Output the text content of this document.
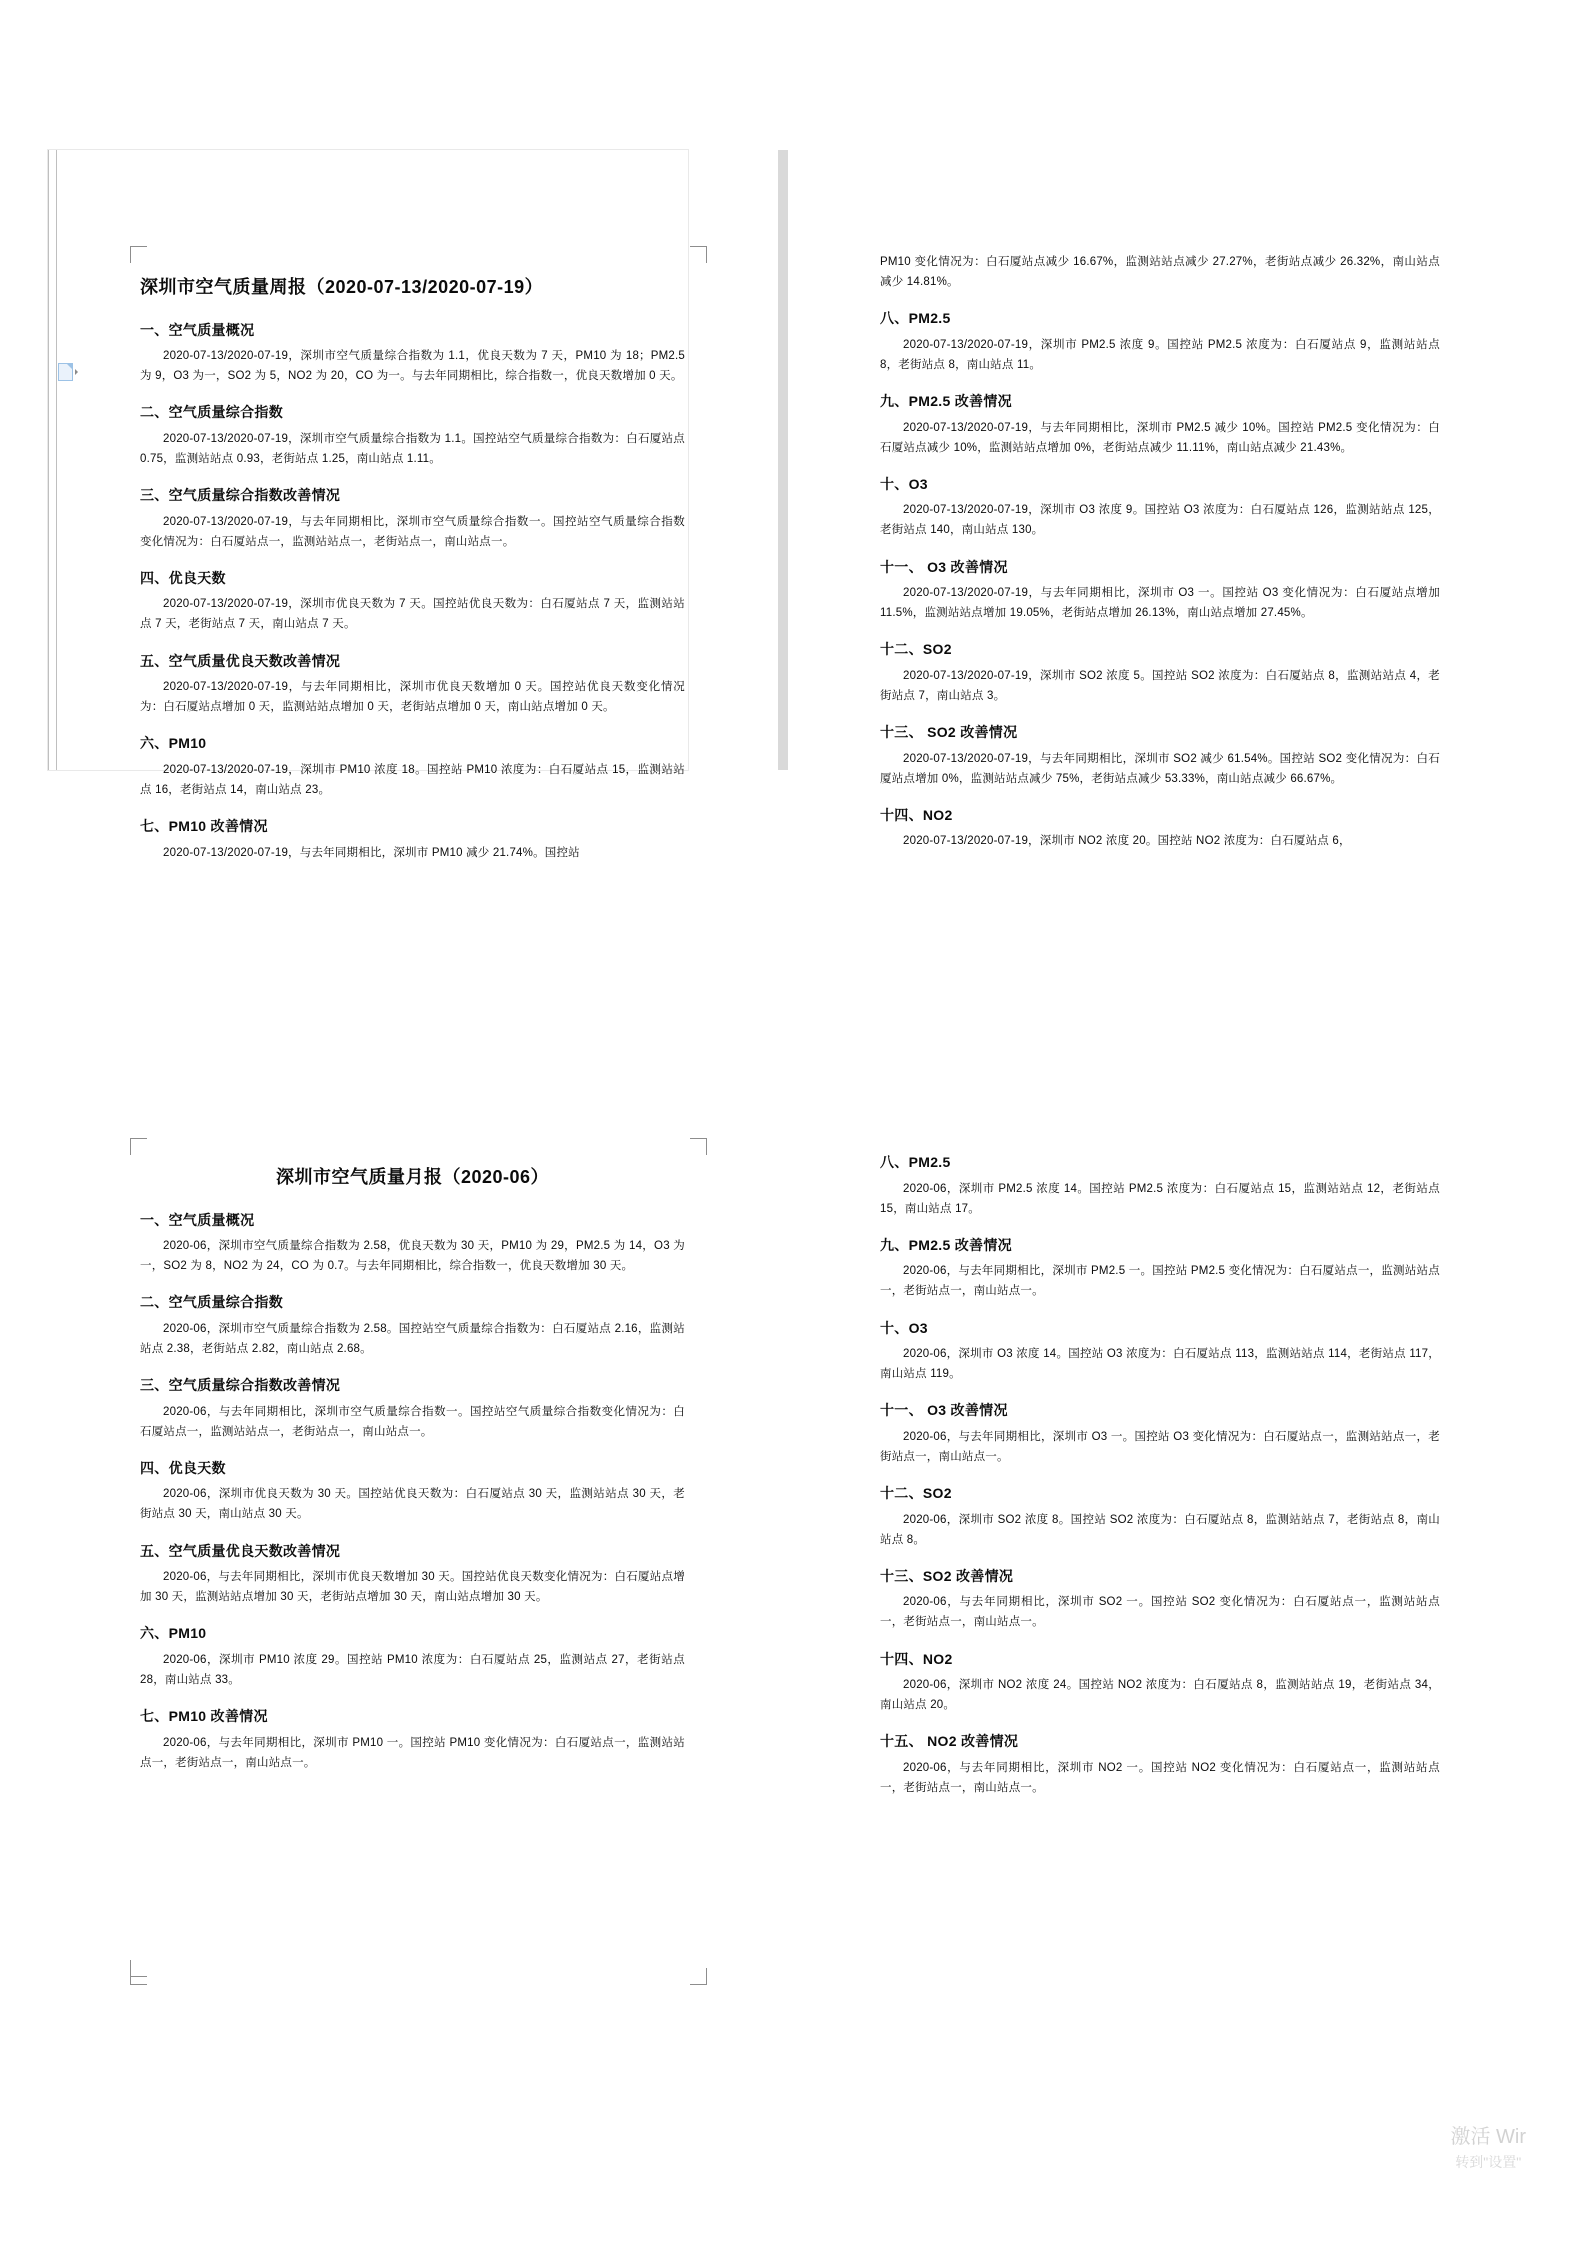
深圳市空气质量周报（2020-07-13/2020-07-19）
一、空气质量概况

2020-07-13/2020-07-19，深圳市空气质量综合指数为 1.1，优良天数为 7 天，PM10 为 18；PM2.5 为 9，O3 为一，SO2 为 5，NO2 为 20，CO 为一。与去年同期相比，综合指数一，优良天数增加 0 天。

二、空气质量综合指数

2020-07-13/2020-07-19，深圳市空气质量综合指数为 1.1。国控站空气质量综合指数为：白石厦站点 0.75，监测站站点 0.93，老街站点 1.25，南山站点 1.11。

三、空气质量综合指数改善情况

2020-07-13/2020-07-19，与去年同期相比，深圳市空气质量综合指数一。国控站空气质量综合指数变化情况为：白石厦站点一，监测站站点一，老街站点一，南山站点一。

四、优良天数

2020-07-13/2020-07-19，深圳市优良天数为 7 天。国控站优良天数为：白石厦站点 7 天，监测站站点 7 天，老街站点 7 天，南山站点 7 天。

五、空气质量优良天数改善情况

2020-07-13/2020-07-19，与去年同期相比，深圳市优良天数增加 0 天。国控站优良天数变化情况为：白石厦站点增加 0 天，监测站站点增加 0 天，老街站点增加 0 天，南山站点增加 0 天。

六、PM10

2020-07-13/2020-07-19，深圳市 PM10 浓度 18。国控站 PM10 浓度为：白石厦站点 15，监测站站点 16，老街站点 14，南山站点 23。

七、PM10 改善情况

2020-07-13/2020-07-19，与去年同期相比，深圳市 PM10 减少 21.74%。国控站

PM10 变化情况为：白石厦站点减少 16.67%，监测站站点减少 27.27%，老街站点减少 26.32%，南山站点减少 14.81%。

八、PM2.5

2020-07-13/2020-07-19，深圳市 PM2.5 浓度 9。国控站 PM2.5 浓度为：白石厦站点 9，监测站站点 8，老街站点 8，南山站点 11。

九、PM2.5 改善情况

2020-07-13/2020-07-19，与去年同期相比，深圳市 PM2.5 减少 10%。国控站 PM2.5 变化情况为：白石厦站点减少 10%，监测站站点增加 0%，老街站点减少 11.11%，南山站点减少 21.43%。

十、O3

2020-07-13/2020-07-19，深圳市 O3 浓度 9。国控站 O3 浓度为：白石厦站点 126，监测站站点 125，老街站点 140，南山站点 130。

十一、 O3 改善情况

2020-07-13/2020-07-19，与去年同期相比，深圳市 O3 一。国控站 O3 变化情况为：白石厦站点增加 11.5%，监测站站点增加 19.05%，老街站点增加 26.13%，南山站点增加 27.45%。

十二、SO2

2020-07-13/2020-07-19，深圳市 SO2 浓度 5。国控站 SO2 浓度为：白石厦站点 8，监测站站点 4，老街站点 7，南山站点 3。

十三、 SO2 改善情况

2020-07-13/2020-07-19，与去年同期相比，深圳市 SO2 减少 61.54%。国控站 SO2 变化情况为：白石厦站点增加 0%，监测站站点减少 75%，老街站点减少 53.33%，南山站点减少 66.67%。

十四、NO2

2020-07-13/2020-07-19，深圳市 NO2 浓度 20。国控站 NO2 浓度为：白石厦站点 6，

深圳市空气质量月报（2020-06）
一、空气质量概况

2020-06，深圳市空气质量综合指数为 2.58，优良天数为 30 天，PM10 为 29，PM2.5 为 14，O3 为一，SO2 为 8，NO2 为 24，CO 为 0.7。与去年同期相比，综合指数一，优良天数增加 30 天。

二、空气质量综合指数

2020-06，深圳市空气质量综合指数为 2.58。国控站空气质量综合指数为：白石厦站点 2.16，监测站站点 2.38，老街站点 2.82，南山站点 2.68。

三、空气质量综合指数改善情况

2020-06，与去年同期相比，深圳市空气质量综合指数一。国控站空气质量综合指数变化情况为：白石厦站点一，监测站站点一，老街站点一，南山站点一。

四、优良天数

2020-06，深圳市优良天数为 30 天。国控站优良天数为：白石厦站点 30 天，监测站站点 30 天，老街站点 30 天，南山站点 30 天。

五、空气质量优良天数改善情况

2020-06，与去年同期相比，深圳市优良天数增加 30 天。国控站优良天数变化情况为：白石厦站点增加 30 天，监测站站点增加 30 天，老街站点增加 30 天，南山站点增加 30 天。

六、PM10

2020-06，深圳市 PM10 浓度 29。国控站 PM10 浓度为：白石厦站点 25，监测站点 27，老街站点 28，南山站点 33。

七、PM10 改善情况

2020-06，与去年同期相比，深圳市 PM10 一。国控站 PM10 变化情况为：白石厦站点一，监测站站点一，老街站点一，南山站点一。

八、PM2.5

2020-06，深圳市 PM2.5 浓度 14。国控站 PM2.5 浓度为：白石厦站点 15，监测站站点 12，老街站点 15，南山站点 17。

九、PM2.5 改善情况

2020-06，与去年同期相比，深圳市 PM2.5 一。国控站 PM2.5 变化情况为：白石厦站点一，监测站站点一，老街站点一，南山站点一。

十、O3

2020-06，深圳市 O3 浓度 14。国控站 O3 浓度为：白石厦站点 113，监测站站点 114，老街站点 117，南山站点 119。

十一、 O3 改善情况

2020-06，与去年同期相比，深圳市 O3 一。国控站 O3 变化情况为：白石厦站点一，监测站站点一，老街站点一，南山站点一。

十二、SO2

2020-06，深圳市 SO2 浓度 8。国控站 SO2 浓度为：白石厦站点 8，监测站站点 7，老街站点 8，南山站点 8。

十三、SO2 改善情况

2020-06，与去年同期相比，深圳市 SO2 一。国控站 SO2 变化情况为：白石厦站点一，监测站站点一，老街站点一，南山站点一。

十四、NO2

2020-06，深圳市 NO2 浓度 24。国控站 NO2 浓度为：白石厦站点 8，监测站站点 19，老街站点 34，南山站点 20。

十五、 NO2 改善情况

2020-06，与去年同期相比，深圳市 NO2 一。国控站 NO2 变化情况为：白石厦站点一，监测站站点一，老街站点一，南山站点一。

激活 Wir
转到"设置"
